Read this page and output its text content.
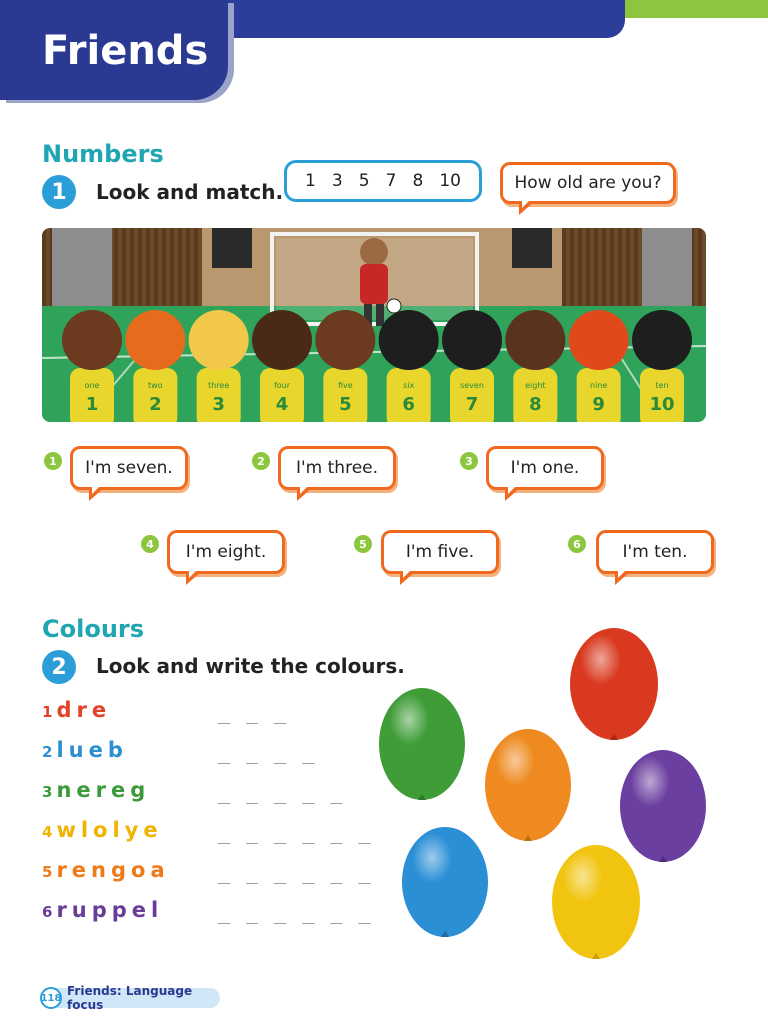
Friends
Numbers
1	Look and match. 1 3 5 7 8 10	How old are you?
one
1
two
2
three
3
four
4
five
5
six
6
seven
7
eight
8
nine
9
ten
10
1	I'm seven.	2	I'm three.	3	I'm one.
4	I'm eight.	5	I'm five.	6	I'm ten.
Colours
2	Look and write the colours.
1 dre	_ _ _
2 lueb	_ _ _ _
3 nereg	_ _ _ _ _
4 wlolye	_ _ _ _ _ _
5 rengoa _ _ _ _ _ _
6 ruppel	_ _ _ _ _ _
118 Friends: Language focus
